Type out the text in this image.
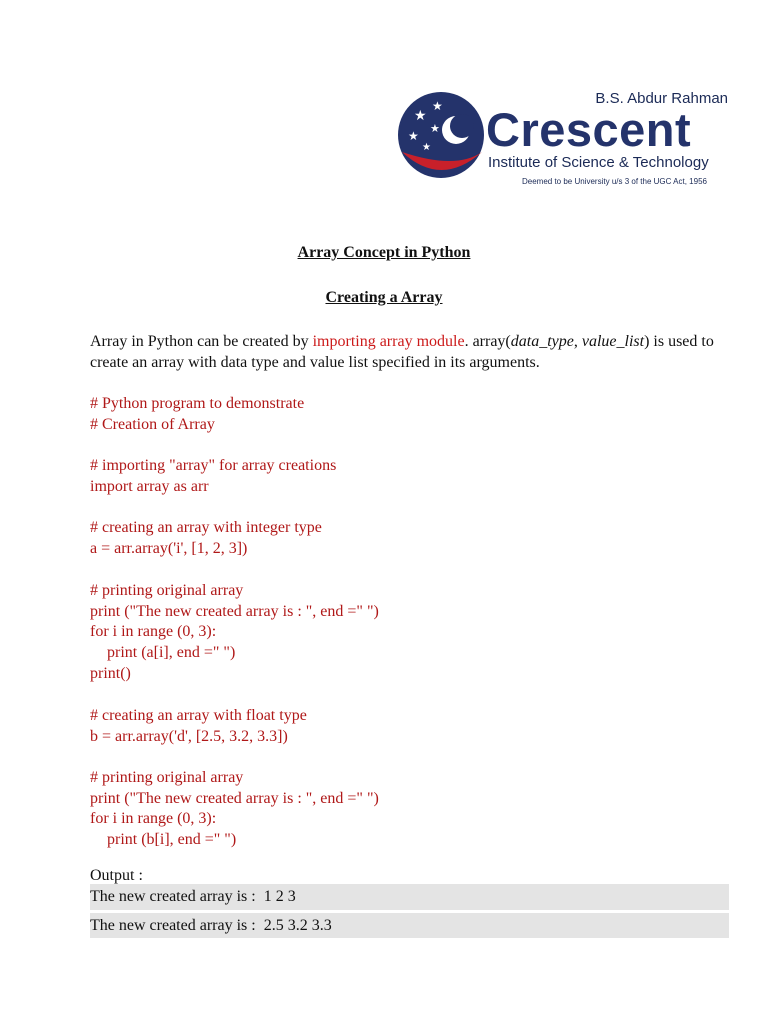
★
★
★ ★
★
B.S. Abdur Rahman
Crescent
Institute of Science & Technology
Deemed to be University u/s 3 of the UGC Act, 1956
Array Concept in Python
Creating a Array
Array in Python can be created by importing array module. array(data_type, value_list) is used to create an array with data type and value list specified in its arguments.
# Python program to demonstrate
# Creation of Array
# importing "array" for array creations
import array as arr
# creating an array with integer type
a = arr.array('i', [1, 2, 3])
# printing original array
print ("The new created array is : ", end =" ")
for i in range (0, 3):
print (a[i], end =" ")
print()
# creating an array with float type
b = arr.array('d', [2.5, 3.2, 3.3])
# printing original array
print ("The new created array is : ", end =" ")
for i in range (0, 3):
print (b[i], end =" ")
Output :
The new created array is :  1 2 3
The new created array is :  2.5 3.2 3.3
